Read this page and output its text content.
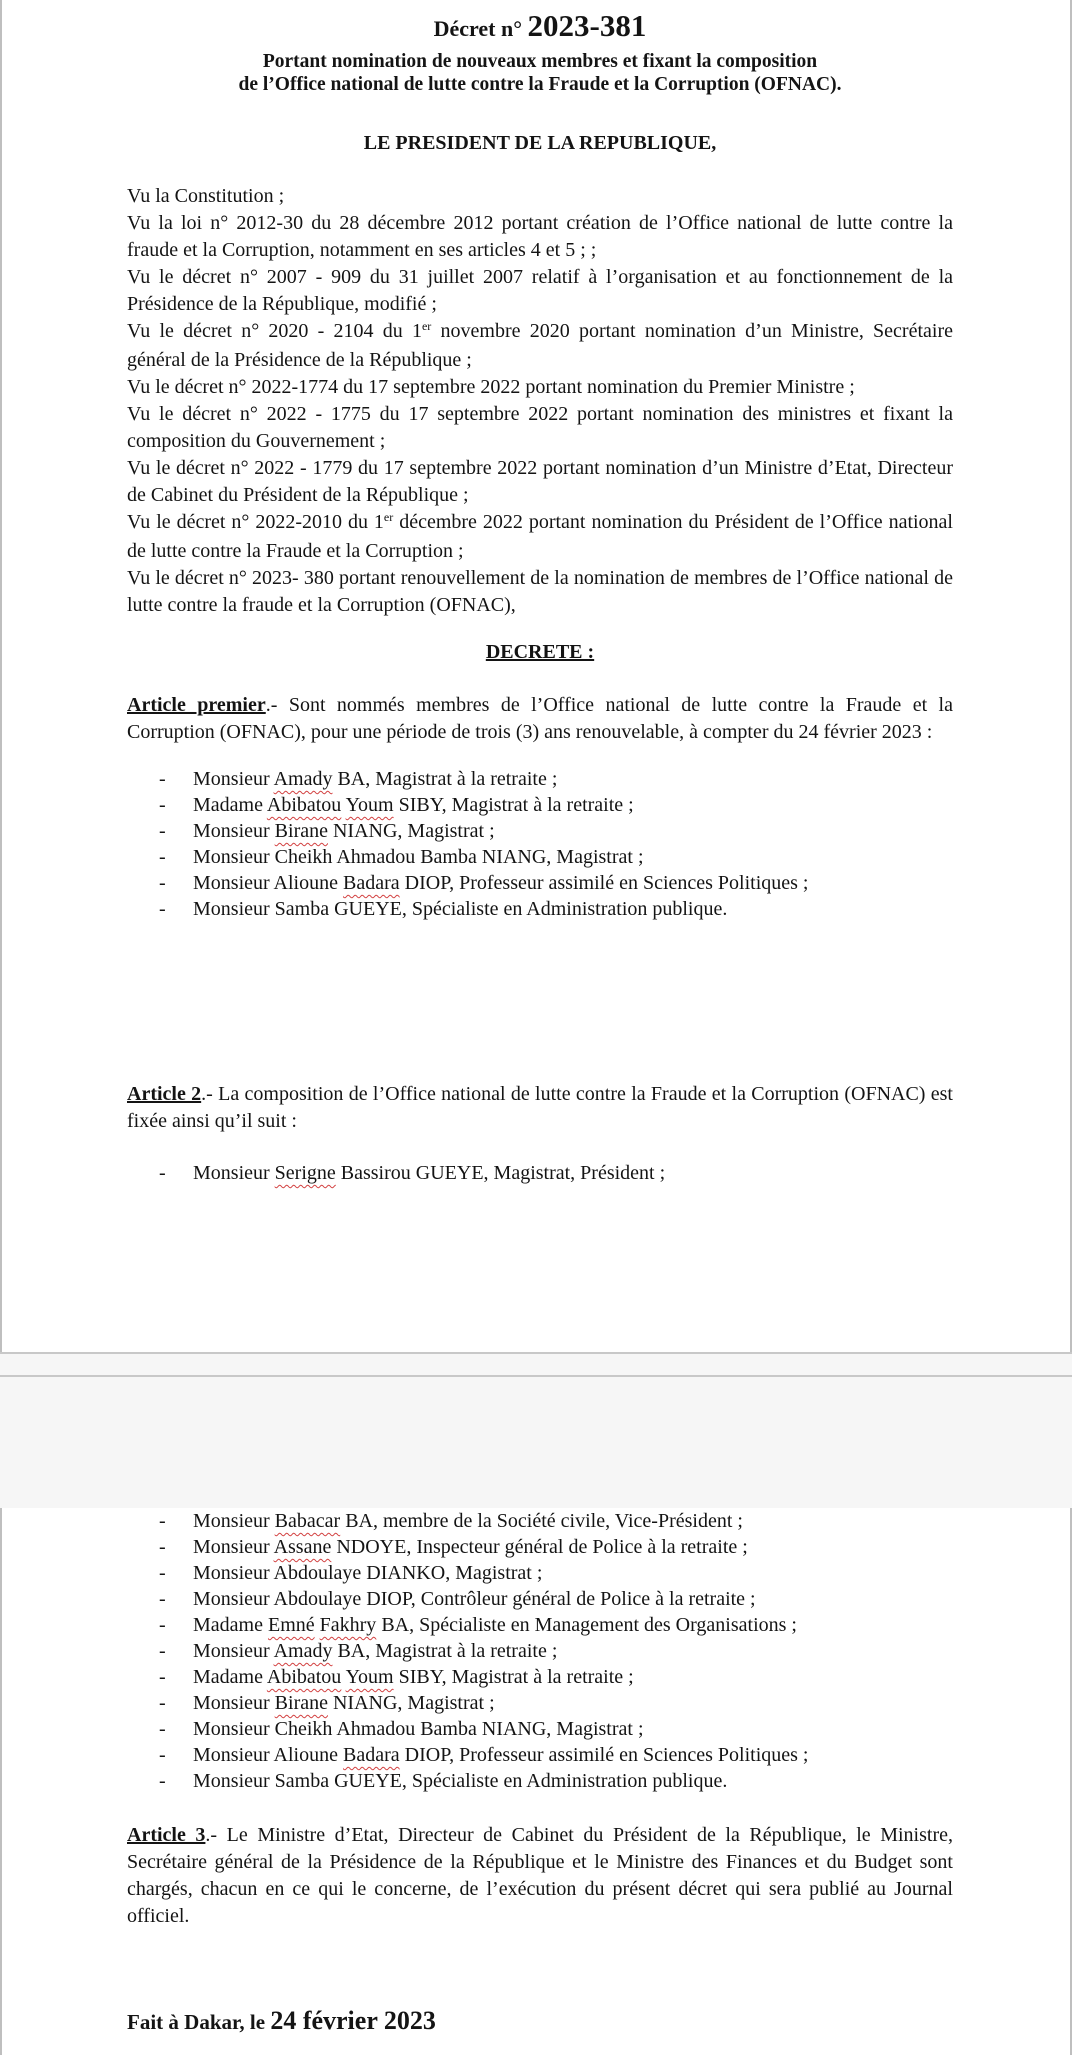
Décret n° 2023-381
Portant nomination de nouveaux membres et fixant la composition
de l’Office national de lutte contre la Fraude et la Corruption (OFNAC).
LE PRESIDENT DE LA REPUBLIQUE,
Vu la Constitution ;
Vu la loi n° 2012-30 du 28 décembre 2012 portant création de l’Office national de lutte contre la fraude et la Corruption, notamment en ses articles 4 et 5 ; ;
Vu le décret n° 2007 - 909 du 31 juillet 2007 relatif à l’organisation et au fonctionnement de la Présidence de la République, modifié ;
Vu le décret n° 2020 - 2104 du 1er novembre 2020 portant nomination d’un Ministre, Secrétaire général de la Présidence de la République ;
Vu le décret n° 2022-1774 du 17 septembre 2022 portant nomination du Premier Ministre ;
Vu le décret n° 2022 - 1775 du 17 septembre 2022 portant nomination des ministres et fixant la composition du Gouvernement ;
Vu le décret n° 2022 - 1779 du 17 septembre 2022 portant nomination d’un Ministre d’Etat, Directeur de Cabinet du Président de la République ;
Vu le décret n° 2022-2010 du 1er décembre 2022 portant nomination du Président de l’Office national de lutte contre la Fraude et la Corruption ;
Vu le décret n° 2023- 380 portant renouvellement de la nomination de membres de l’Office national de lutte contre la fraude et la Corruption (OFNAC),
DECRETE :
Article premier.- Sont nommés membres de l’Office national de lutte contre la Fraude et la Corruption (OFNAC), pour une période de trois (3) ans renouvelable, à compter du 24 février 2023 :
- Monsieur Amady BA, Magistrat à la retraite ;
- Madame Abibatou Youm SIBY, Magistrat à la retraite ;
- Monsieur Birane NIANG, Magistrat ;
- Monsieur Cheikh Ahmadou Bamba NIANG, Magistrat ;
- Monsieur Alioune Badara DIOP, Professeur assimilé en Sciences Politiques ;
- Monsieur Samba GUEYE, Spécialiste en Administration publique.
Article 2.- La composition de l’Office national de lutte contre la Fraude et la Corruption (OFNAC) est fixée ainsi qu’il suit :
- Monsieur Serigne Bassirou GUEYE, Magistrat, Président ;
- Monsieur Babacar BA, membre de la Société civile, Vice-Président ;
- Monsieur Assane NDOYE, Inspecteur général de Police à la retraite ;
- Monsieur Abdoulaye DIANKO, Magistrat ;
- Monsieur Abdoulaye DIOP, Contrôleur général de Police à la retraite ;
- Madame Emné Fakhry BA, Spécialiste en Management des Organisations ;
- Monsieur Amady BA, Magistrat à la retraite ;
- Madame Abibatou Youm SIBY, Magistrat à la retraite ;
- Monsieur Birane NIANG, Magistrat ;
- Monsieur Cheikh Ahmadou Bamba NIANG, Magistrat ;
- Monsieur Alioune Badara DIOP, Professeur assimilé en Sciences Politiques ;
- Monsieur Samba GUEYE, Spécialiste en Administration publique.
Article 3.- Le Ministre d’Etat, Directeur de Cabinet du Président de la République, le Ministre, Secrétaire général de la Présidence de la République et le Ministre des Finances et du Budget sont chargés, chacun en ce qui le concerne, de l’exécution du présent décret qui sera publié au Journal officiel.
Fait à Dakar, le 24 février 2023
